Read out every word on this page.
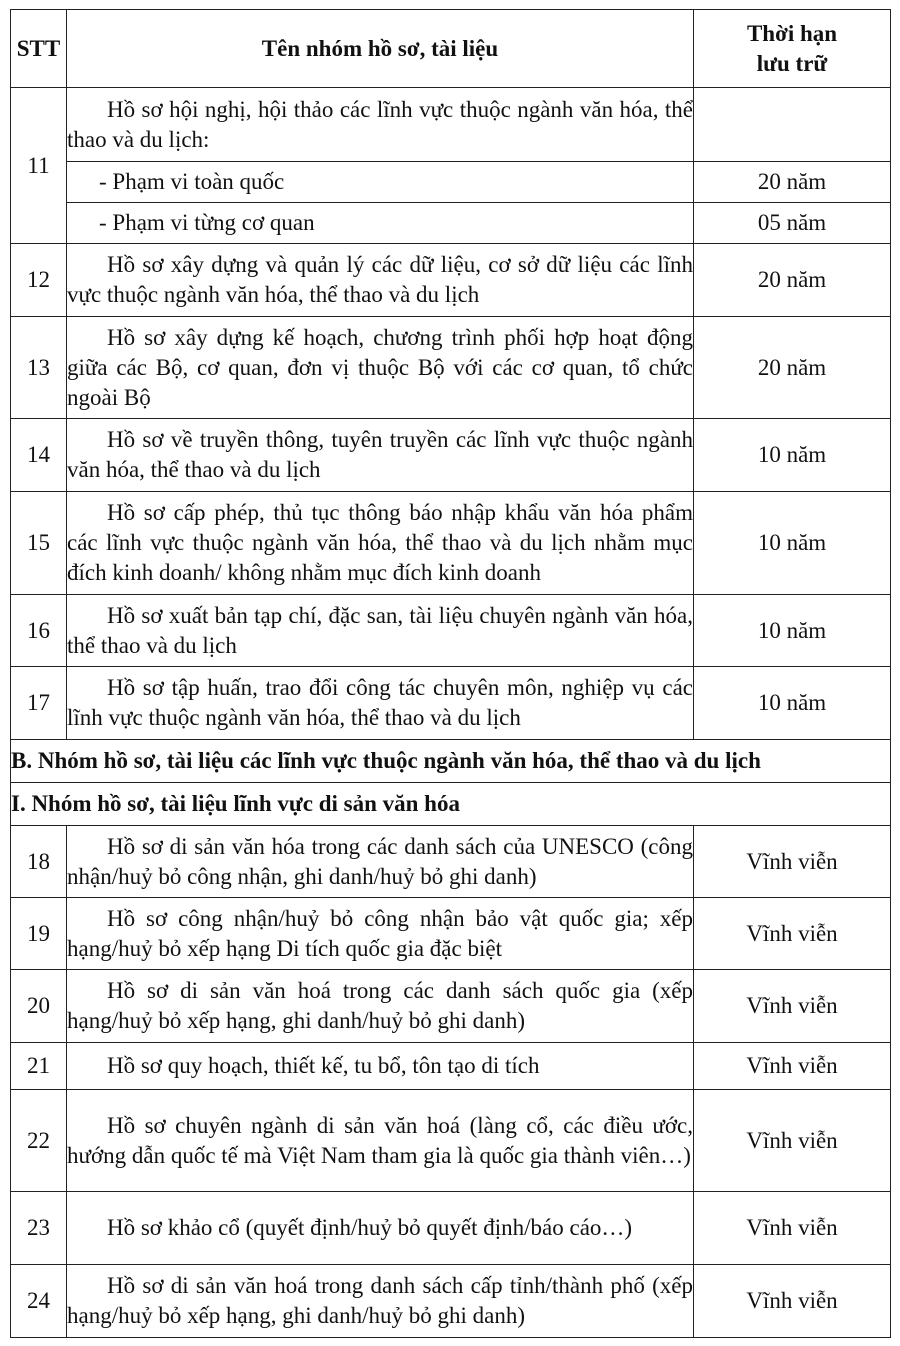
STT	Tên nhóm hồ sơ, tài liệu	Thời hạn lưu trữ
11	Hồ sơ hội nghị, hội thảo các lĩnh vực thuộc ngành văn hóa, thể thao và du lịch:	
	- Phạm vi toàn quốc	20 năm
	- Phạm vi từng cơ quan	05 năm
12	Hồ sơ xây dựng và quản lý các dữ liệu, cơ sở dữ liệu các lĩnh vực thuộc ngành văn hóa, thể thao và du lịch	20 năm
13	Hồ sơ xây dựng kế hoạch, chương trình phối hợp hoạt động giữa các Bộ, cơ quan, đơn vị thuộc Bộ với các cơ quan, tổ chức ngoài Bộ	20 năm
14	Hồ sơ về truyền thông, tuyên truyền các lĩnh vực thuộc ngành văn hóa, thể thao và du lịch	10 năm
15	Hồ sơ cấp phép, thủ tục thông báo nhập khẩu văn hóa phẩm các lĩnh vực thuộc ngành văn hóa, thể thao và du lịch nhằm mục đích kinh doanh/ không nhằm mục đích kinh doanh	10 năm
16	Hồ sơ xuất bản tạp chí, đặc san, tài liệu chuyên ngành văn hóa, thể thao và du lịch	10 năm
17	Hồ sơ tập huấn, trao đổi công tác chuyên môn, nghiệp vụ các lĩnh vực thuộc ngành văn hóa, thể thao và du lịch	10 năm
B. Nhóm hồ sơ, tài liệu các lĩnh vực thuộc ngành văn hóa, thể thao và du lịch		
I. Nhóm hồ sơ, tài liệu lĩnh vực di sản văn hóa		
18	Hồ sơ di sản văn hóa trong các danh sách của UNESCO (công nhận/huỷ bỏ công nhận, ghi danh/huỷ bỏ ghi danh)	Vĩnh viễn
19	Hồ sơ công nhận/huỷ bỏ công nhận bảo vật quốc gia; xếp hạng/huỷ bỏ xếp hạng Di tích quốc gia đặc biệt	Vĩnh viễn
20	Hồ sơ di sản văn hoá trong các danh sách quốc gia (xếp hạng/huỷ bỏ xếp hạng, ghi danh/huỷ bỏ ghi danh)	Vĩnh viễn
21	Hồ sơ quy hoạch, thiết kế, tu bổ, tôn tạo di tích	Vĩnh viễn
22	Hồ sơ chuyên ngành di sản văn hoá (làng cổ, các điều ước, hướng dẫn quốc tế mà Việt Nam tham gia là quốc gia thành viên…)	Vĩnh viễn
23	Hồ sơ khảo cổ (quyết định/huỷ bỏ quyết định/báo cáo…)	Vĩnh viễn
24	Hồ sơ di sản văn hoá trong danh sách cấp tỉnh/thành phố (xếp hạng/huỷ bỏ xếp hạng, ghi danh/huỷ bỏ ghi danh)	Vĩnh viễn
